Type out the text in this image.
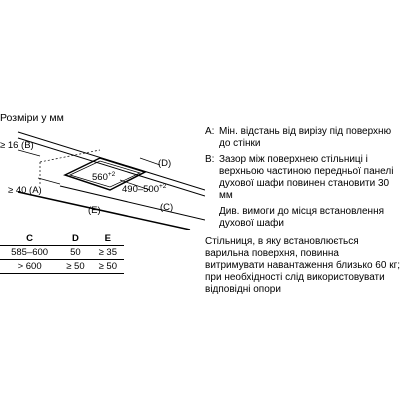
Розміри у мм
≥ 16 (B)
≥ 40 (A)
(D)
(E)	(C)
$560^{+2}$
$490-500^{+2}$
C	D	E
585–600	50	≥ 35
> 600	≥ 50	≥ 50
A: Мін. відстань від вирізу під поверхню до стінки
B: Зазор між поверхнею стільниці і верхньою частиною передньої панелі духової шафи повинен становити 30 мм
Див. вимоги до місця встановлення духової шафи
Стільниця, в яку встановлюється варильна поверхня, повинна витримувати навантаження близько 60 кг; при необхідності слід використовувати відповідні опори
